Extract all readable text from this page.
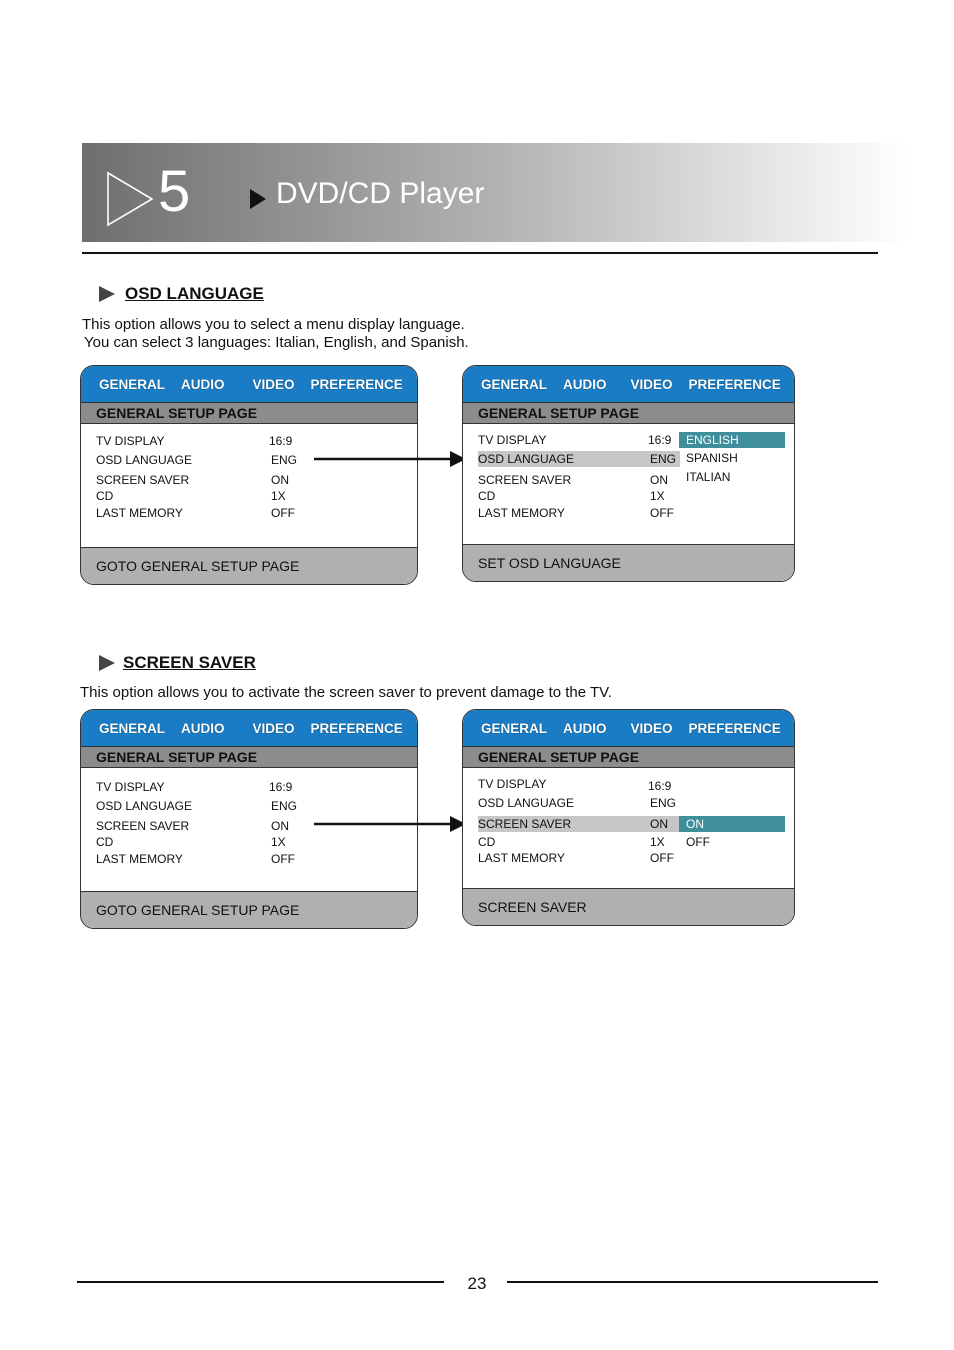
5	DVD/CD Player
OSD LANGUAGE
This option allows you to select a menu display language.
You can select 3 languages: Italian, English, and Spanish.
GENERAL AUDIO VIDEO PREFERENCE
GENERAL SETUP PAGE
TV DISPLAY	16:9
OSD LANGUAGE	ENG
SCREEN SAVER	ON
CD	1X
LAST MEMORY	OFF
GOTO GENERAL SETUP PAGE
GENERAL AUDIO VIDEO PREFERENCE
GENERAL SETUP PAGE
TV DISPLAY	16:9
OSD LANGUAGE	ENG
SCREEN SAVER	ON
CD	1X
LAST MEMORY	OFF
ENGLISH
SPANISH
ITALIAN
SET OSD LANGUAGE
SCREEN SAVER
This option allows you to activate the screen saver to prevent damage to the TV.
GENERAL AUDIO VIDEO PREFERENCE
GENERAL SETUP PAGE
TV DISPLAY	16:9
OSD LANGUAGE	ENG
SCREEN SAVER	ON
CD	1X
LAST MEMORY	OFF
GOTO GENERAL SETUP PAGE
GENERAL AUDIO VIDEO PREFERENCE
GENERAL SETUP PAGE
TV DISPLAY	16:9
OSD LANGUAGE	ENG
SCREEN SAVER	ON
CD	1X
LAST MEMORY	OFF
ON
OFF
SCREEN SAVER
23
